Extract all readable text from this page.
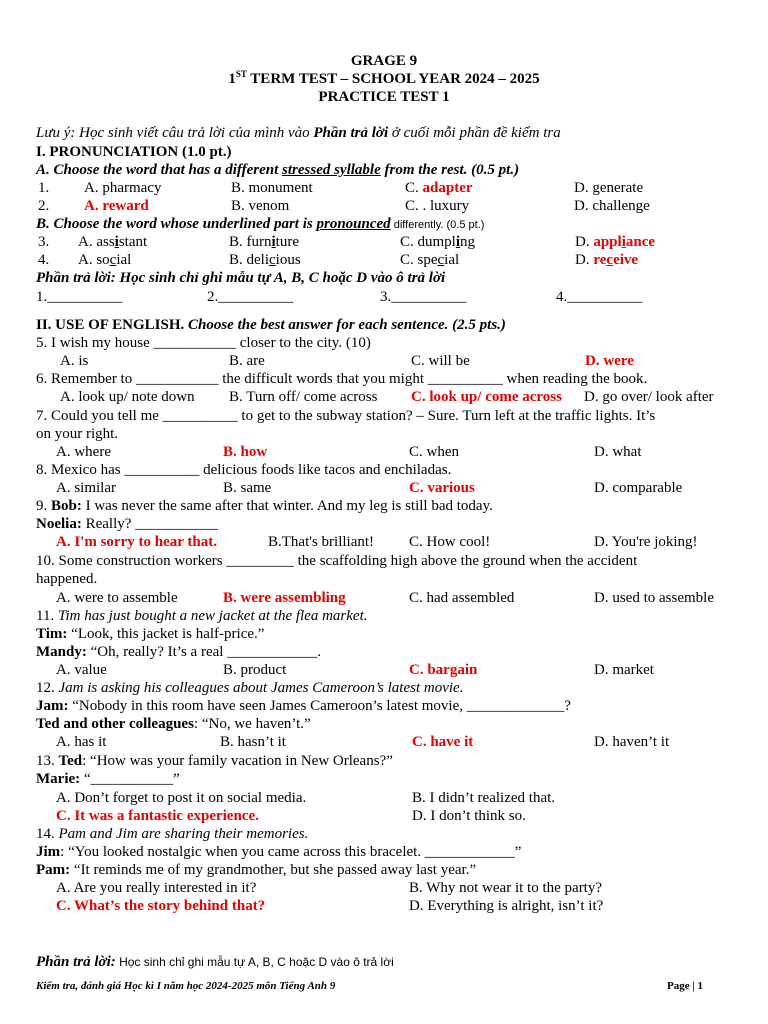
GRAGE 9
1ST TERM TEST – SCHOOL YEAR 2024 – 2025
PRACTICE TEST 1
Lưu ý: Học sinh viết câu trả lời của mình vào Phần trả lời ở cuối mỗi phần đề kiểm tra
I. PRONUNCIATION (1.0 pt.)
A. Choose the word that has a different stressed syllable from the rest. (0.5 pt.)
1. A. pharmacy	B. monument	C. adapter	D. generate
2. A. reward	B. venom	C. . luxury	D. challenge
B. Choose the word whose underlined part is pronounced differently. (0.5 pt.)
3. A. assistant	B. furniture	C. dumpling	D. appliance
4. A. social	B. delicious	C. special	D. receive
Phần trả lời: Học sinh chỉ ghi mẫu tự A, B, C hoặc D vào ô trả lời
1.__________	2.__________	3.__________	4.__________
II. USE OF ENGLISH. Choose the best answer for each sentence. (2.5 pts.)
5. I wish my house ___________ closer to the city. (10)
A. is	B. are	C. will be	D. were
6. Remember to ___________ the difficult words that you might __________ when reading the book.
A. look up/ note down B. Turn off/ come across C. look up/ come across D. go over/ look after
7. Could you tell me __________ to get to the subway station? – Sure. Turn left at the traffic lights. It’s
on your right.
A. where	B. how	C. when	D. what
8. Mexico has __________ delicious foods like tacos and enchiladas.
A. similar	B. same	C. various	D. comparable
9. Bob: I was never the same after that winter. And my leg is still bad today.
Noelia: Really? ___________
A. I'm sorry to hear that.	B.That's brilliant! C. How cool!	D. You're joking!
10. Some construction workers _________ the scaffolding high above the ground when the accident
happened.
A. were to assemble	B. were assembling	C. had assembled	D. used to assemble
11. Tim has just bought a new jacket at the flea market.
Tim: “Look, this jacket is half-price.”
Mandy: “Oh, really? It’s a real ____________.
A. value	B. product	C. bargain	D. market
12. Jam is asking his colleagues about James Cameroon’s latest movie.
Jam: “Nobody in this room have seen James Cameroon’s latest movie, _____________?
Ted and other colleagues: “No, we haven’t.”
A. has it	B. hasn’t it	C. have it	D. haven’t it
13. Ted: “How was your family vacation in New Orleans?”
Marie: “___________”
A. Don’t forget to post it on social media.	B. I didn’t realized that.
C. It was a fantastic experience.	D. I don’t think so.
14. Pam and Jim are sharing their memories.
Jim: “You looked nostalgic when you came across this bracelet. ____________”
Pam: “It reminds me of my grandmother, but she passed away last year.”
A. Are you really interested in it?	B. Why not wear it to the party?
C. What’s the story behind that?	D. Everything is alright, isn’t it?
Phần trả lời: Học sinh chỉ ghi mẫu tự A, B, C hoặc D vào ô trả lời
Kiểm tra, đánh giá Học kì I năm học 2024-2025 môn Tiếng Anh 9	Page | 1
